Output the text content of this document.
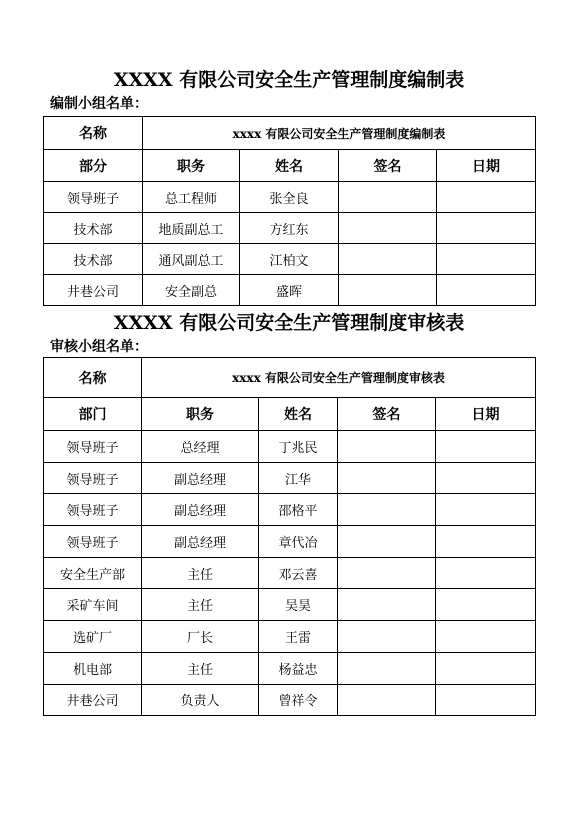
XXXX 有限公司安全生产管理制度编制表
编制小组名单：
名称	xxxx 有限公司安全生产管理制度编制表			
部分	职务	姓名	签名	日期
领导班子	总工程师	张全良		
技术部	地质副总工	方红东		
技术部	通风副总工	江柏文		
井巷公司	安全副总	盛晖		
XXXX 有限公司安全生产管理制度审核表
审核小组名单：
名称	xxxx 有限公司安全生产管理制度审核表			
部门	职务	姓名	签名	日期
领导班子	总经理	丁兆民		
领导班子	副总经理	江华		
领导班子	副总经理	邵格平		
领导班子	副总经理	章代冶		
安全生产部	主任	邓云喜		
采矿车间	主任	吴昊		
选矿厂	厂长	王雷		
机电部	主任	杨益忠		
井巷公司	负责人	曾祥令		
